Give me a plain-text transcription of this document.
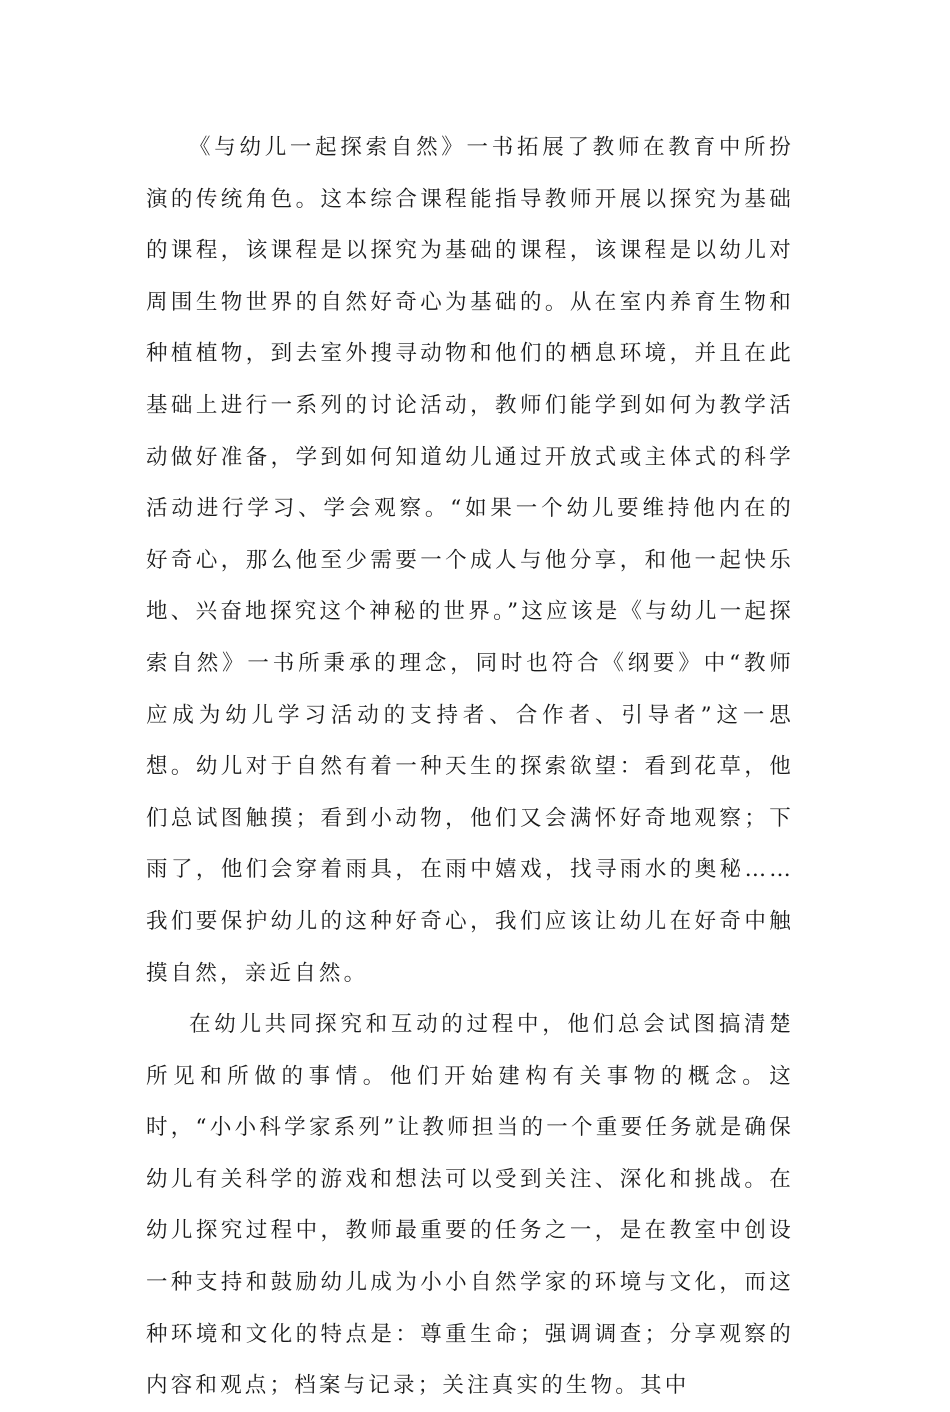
《与幼儿一起探索自然》一书拓展了教师在教育中所扮演的传统角色。这本综合课程能指导教师开展以探究为基础的课程，该课程是以探究为基础的课程，该课程是以幼儿对周围生物世界的自然好奇心为基础的。从在室内养育生物和种植植物，到去室外搜寻动物和他们的栖息环境，并且在此基础上进行一系列的讨论活动，教师们能学到如何为教学活动做好准备，学到如何知道幼儿通过开放式或主体式的科学活动进行学习、学会观察。“如果一个幼儿要维持他内在的好奇心，那么他至少需要一个成人与他分享，和他一起快乐地、兴奋地探究这个神秘的世界。”这应该是《与幼儿一起探索自然》一书所秉承的理念，同时也符合《纲要》中“教师应成为幼儿学习活动的支持者、合作者、引导者”这一思想。幼儿对于自然有着一种天生的探索欲望：看到花草，他们总试图触摸；看到小动物，他们又会满怀好奇地观察；下雨了，他们会穿着雨具，在雨中嬉戏，找寻雨水的奥秘……我们要保护幼儿的这种好奇心，我们应该让幼儿在好奇中触摸自然，亲近自然。

在幼儿共同探究和互动的过程中，他们总会试图搞清楚所见和所做的事情。他们开始建构有关事物的概念。这时，“小小科学家系列”让教师担当的一个重要任务就是确保幼儿有关科学的游戏和想法可以受到关注、深化和挑战。在幼儿探究过程中，教师最重要的任务之一，是在教室中创设一种支持和鼓励幼儿成为小小自然学家的环境与文化，而这种环境和文化的特点是：尊重生命；强调调查；分享观察的内容和观点；档案与记录；关注真实的生物。其中
